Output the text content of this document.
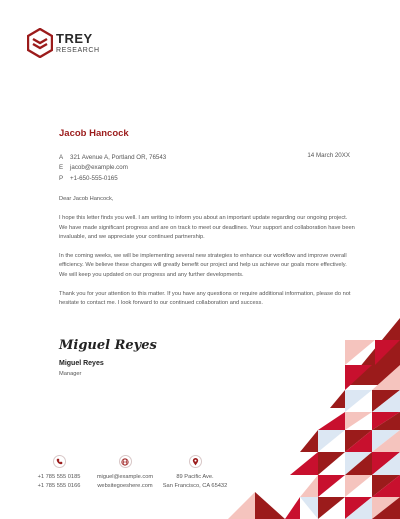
TREY
RESEARCH
Jacob Hancock
A	321 Avenue A, Portland OR, 76543
E	jacob@example.com
P	+1-650-555-0165
14 March 20XX

Dear Jacob Hancock,

I hope this letter finds you well. I am writing to inform you about an important update regarding our ongoing project. We have made significant progress and are on track to meet our deadlines. Your support and collaboration have been invaluable, and we appreciate your continued partnership.

In the coming weeks, we will be implementing several new strategies to enhance our workflow and improve overall efficiency. We believe these changes will greatly benefit our project and help us achieve our goals more effectively. We will keep you updated on our progress and any further developments.

Thank you for your attention to this matter. If you have any questions or require additional information, please do not hesitate to contact me. I look forward to our continued collaboration and success.

Miguel Reyes
Miguel Reyes
Manager
+1 785 555 0185
+1 785 555 0166
miguel@example.com
websitegoeshere.com
89 Pacific Ave.
San Francisco, CA 65432
